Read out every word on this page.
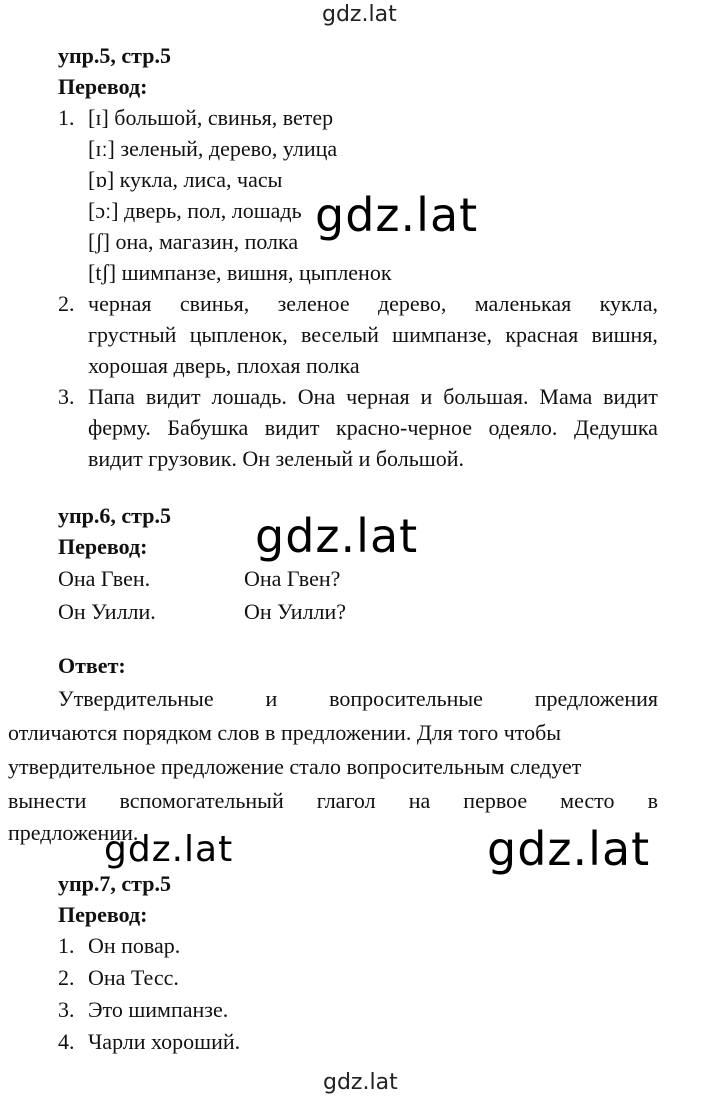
gdz.lat
gdz.lat
gdz.lat
gdz.lat	gdz.lat
gdz.lat

упр.5, стр.5

Перевод:

1. [ɪ] большой, свинья, ветер

[ɪː] зеленый, дерево, улица

[ɒ] кукла, лиса, часы

[ɔː] дверь, пол, лошадь

[ʃ] она, магазин, полка

[tʃ] шимпанзе, вишня, цыпленок

2. черная свинья, зеленое дерево, маленькая кукла,
грустный цыпленок, веселый шимпанзе, красная вишня,

хорошая дверь, плохая полка

3. Папа видит лошадь. Она черная и большая. Мама видит
ферму. Бабушка видит красно-черное одеяло. Дедушка

видит грузовик. Он зеленый и большой.

упр.6, стр.5

Перевод:

Она Гвен.	Она Гвен?
Он Уилли.	Он Уилли?

Ответ:

Утвердительные и вопросительные предложения
отличаются порядком слов в предложении. Для того чтобы
утвердительное предложение стало вопросительным следует
вынести вспомогательный глагол на первое место в
предложении.

упр.7, стр.5

Перевод:

1. Он повар.

2. Она Тесс.

3. Это шимпанзе.

4. Чарли хороший.
